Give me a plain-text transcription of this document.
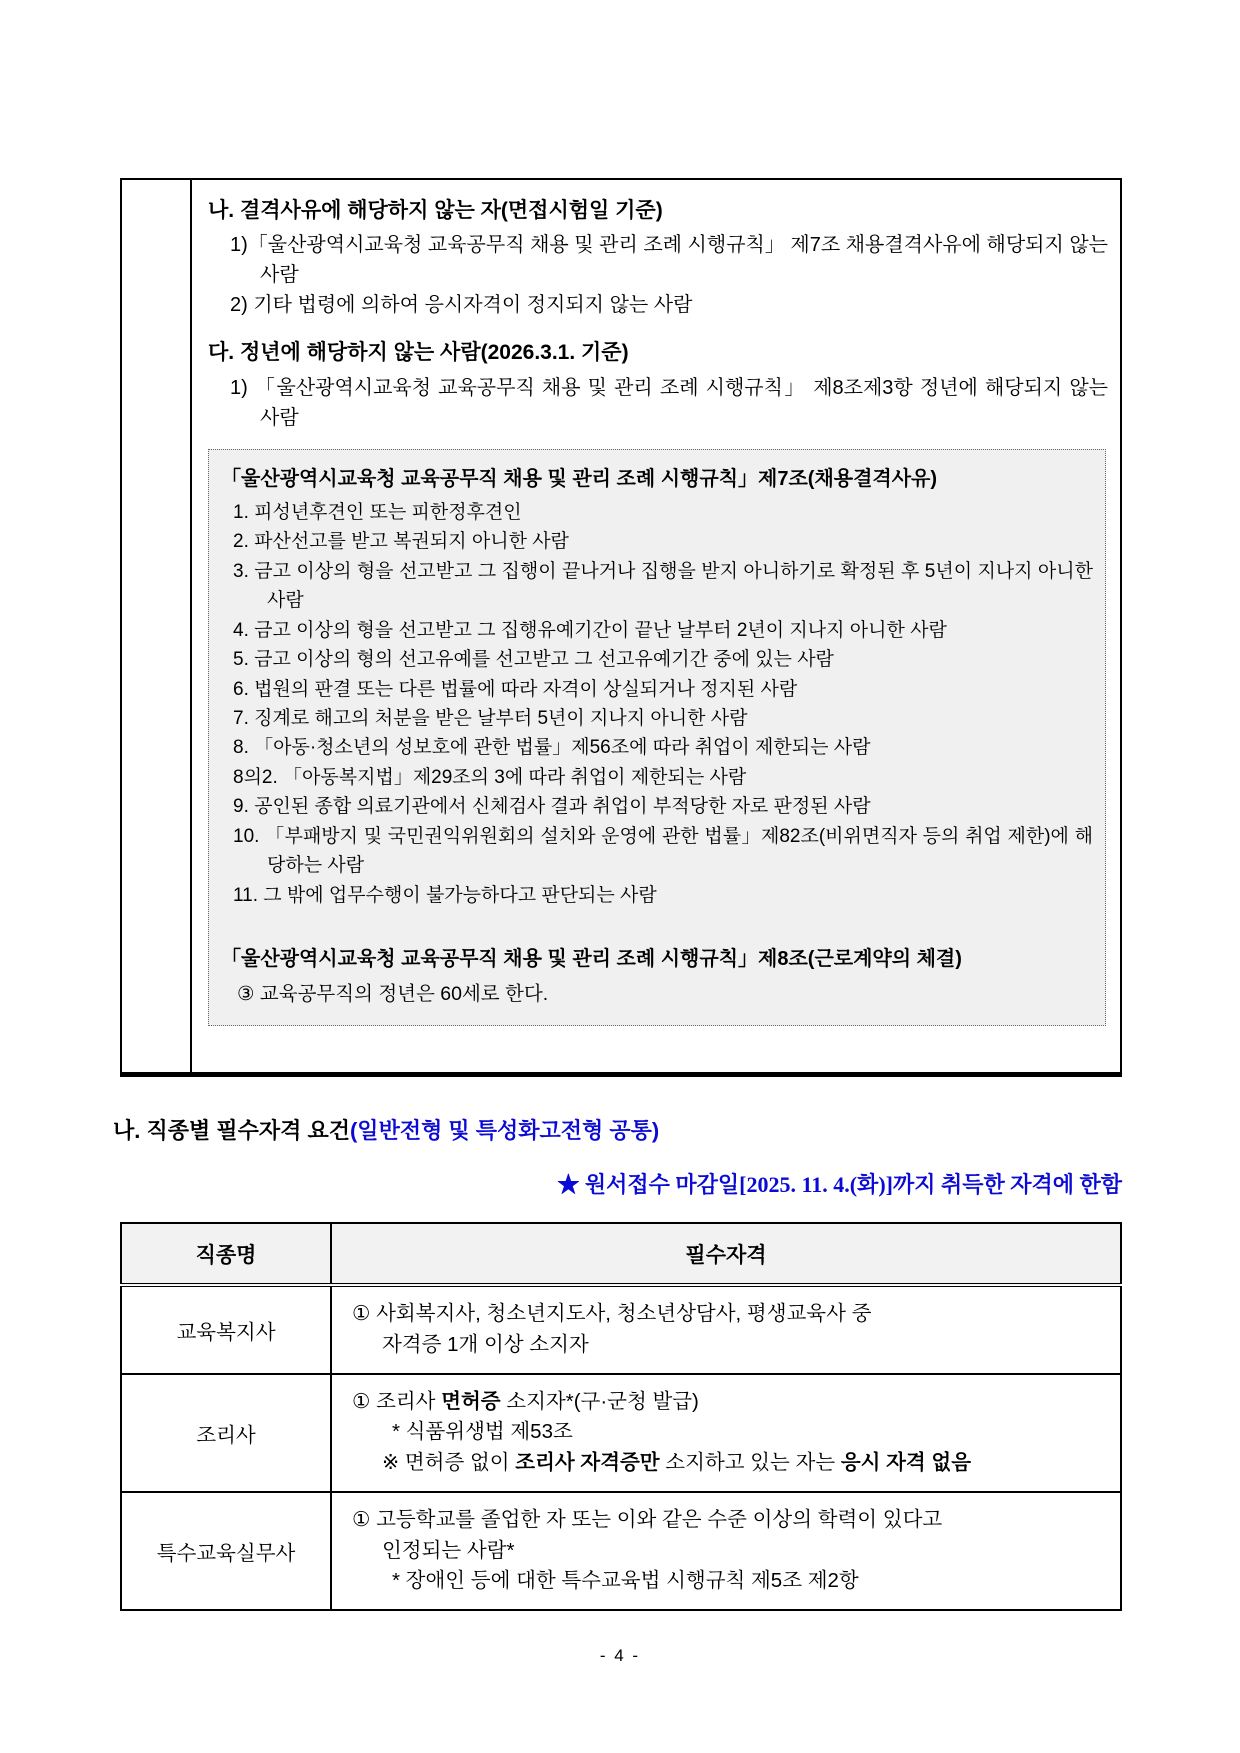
나. 결격사유에 해당하지 않는 자(면접시험일 기준)
1)「울산광역시교육청 교육공무직 채용 및 관리 조례 시행규칙」 제7조 채용결격사유에 해당되지 않는 사람
2) 기타 법령에 의하여 응시자격이 정지되지 않는 사람
다. 정년에 해당하지 않는 사람(2026.3.1. 기준)
1) 「울산광역시교육청 교육공무직 채용 및 관리 조례 시행규칙」 제8조제3항 정년에 해당되지 않는 사람
「울산광역시교육청 교육공무직 채용 및 관리 조례 시행규칙」제7조(채용결격사유)
1. 피성년후견인 또는 피한정후견인
2. 파산선고를 받고 복권되지 아니한 사람
3. 금고 이상의 형을 선고받고 그 집행이 끝나거나 집행을 받지 아니하기로 확정된 후 5년이 지나지 아니한 사람
4. 금고 이상의 형을 선고받고 그 집행유예기간이 끝난 날부터 2년이 지나지 아니한 사람
5. 금고 이상의 형의 선고유예를 선고받고 그 선고유예기간 중에 있는 사람
6. 법원의 판결 또는 다른 법률에 따라 자격이 상실되거나 정지된 사람
7. 징계로 해고의 처분을 받은 날부터 5년이 지나지 아니한 사람
8. 「아동·청소년의 성보호에 관한 법률」제56조에 따라 취업이 제한되는 사람
8의2. 「아동복지법」제29조의 3에 따라 취업이 제한되는 사람
9. 공인된 종합 의료기관에서 신체검사 결과 취업이 부적당한 자로 판정된 사람
10. 「부패방지 및 국민권익위원회의 설치와 운영에 관한 법률」제82조(비위면직자 등의 취업 제한)에 해당하는 사람
11. 그 밖에 업무수행이 불가능하다고 판단되는 사람
「울산광역시교육청 교육공무직 채용 및 관리 조례 시행규칙」제8조(근로계약의 체결)
③ 교육공무직의 정년은 60세로 한다.
나. 직종별 필수자격 요건(일반전형 및 특성화고전형 공통)
★ 원서접수 마감일[2025. 11. 4.(화)]까지 취득한 자격에 한함
직종명	필수자격
교육복지사	① 사회복지사, 청소년지도사, 청소년상담사, 평생교육사 중
자격증 1개 이상 소지자

조리사	① 조리사 면허증 소지자*(구·군청 발급)
* 식품위생법 제53조
※ 면허증 없이 조리사 자격증만 소지하고 있는 자는 응시 자격 없음

특수교육실무사	① 고등학교를 졸업한 자 또는 이와 같은 수준 이상의 학력이 있다고
인정되는 사람*
* 장애인 등에 대한 특수교육법 시행규칙 제5조 제2항
- 4 -
